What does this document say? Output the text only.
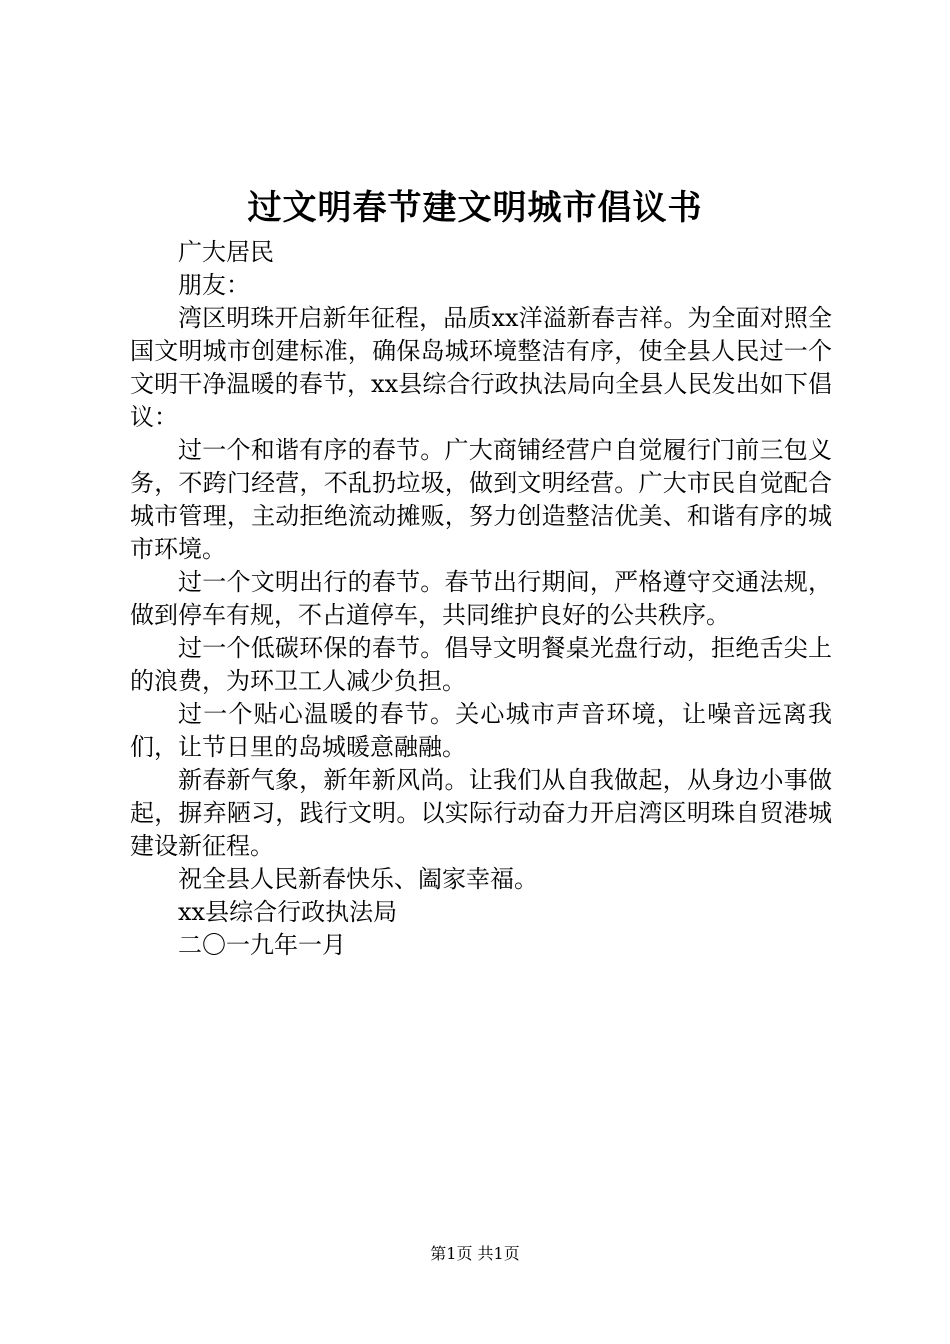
过文明春节建文明城市倡议书

广大居民

朋友：

湾区明珠开启新年征程，品质xx洋溢新春吉祥。为全面对照全国文明城市创建标准，确保岛城环境整洁有序，使全县人民过一个文明干净温暖的春节，xx县综合行政执法局向全县人民发出如下倡议：

过一个和谐有序的春节。广大商铺经营户自觉履行门前三包义务，不跨门经营，不乱扔垃圾，做到文明经营。广大市民自觉配合城市管理，主动拒绝流动摊贩，努力创造整洁优美、和谐有序的城市环境。

过一个文明出行的春节。春节出行期间，严格遵守交通法规，做到停车有规，不占道停车，共同维护良好的公共秩序。

过一个低碳环保的春节。倡导文明餐桌光盘行动，拒绝舌尖上的浪费，为环卫工人减少负担。

过一个贴心温暖的春节。关心城市声音环境，让噪音远离我们，让节日里的岛城暖意融融。

新春新气象，新年新风尚。让我们从自我做起，从身边小事做起，摒弃陋习，践行文明。以实际行动奋力开启湾区明珠自贸港城建设新征程。

祝全县人民新春快乐、阖家幸福。

xx县综合行政执法局

二〇一九年一月

第1页 共1页
